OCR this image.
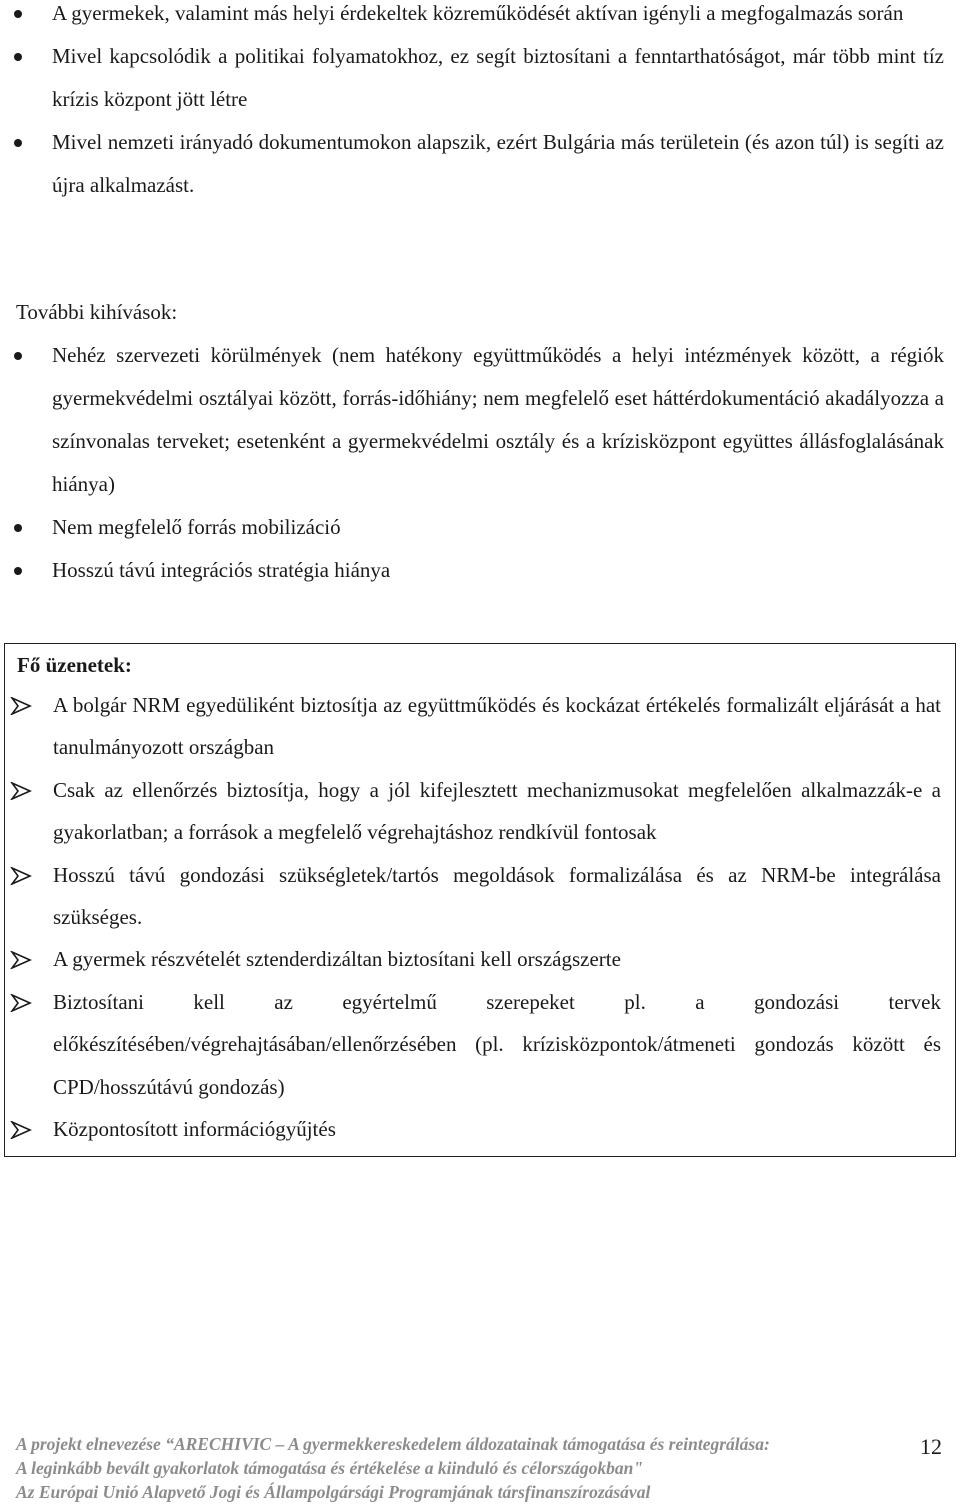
A gyermekek, valamint más helyi érdekeltek közreműködését aktívan igényli a megfogalmazás során
Mivel kapcsolódik a politikai folyamatokhoz, ez segít biztosítani a fenntarthatóságot, már több mint tíz krízis központ jött létre
Mivel nemzeti irányadó dokumentumokon alapszik, ezért Bulgária más területein (és azon túl) is segíti az újra alkalmazást.
További kihívások:
Nehéz szervezeti körülmények (nem hatékony együttműködés a helyi intézmények között, a régiók gyermekvédelmi osztályai között, forrás-időhiány; nem megfelelő eset háttérdokumentáció akadályozza a színvonalas terveket; esetenként a gyermekvédelmi osztály és a krízisközpont együttes állásfoglalásának hiánya)
Nem megfelelő forrás mobilizáció
Hosszú távú integrációs stratégia hiánya
Fő üzenetek:
A bolgár NRM egyedüliként biztosítja az együttműködés és kockázat értékelés formalizált eljárását a hat tanulmányozott országban
Csak az ellenőrzés biztosítja, hogy a jól kifejlesztett mechanizmusokat megfelelően alkalmazzák-e a gyakorlatban; a források a megfelelő végrehajtáshoz rendkívül fontosak
Hosszú távú gondozási szükségletek/tartós megoldások formalizálása és az NRM-be integrálása szükséges.
A gyermek részvételét sztenderdizáltan biztosítani kell országszerte
Biztosítani kell az egyértelmű szerepeket pl. a gondozási tervek előkészítésében/végrehajtásában/ellenőrzésében (pl. krízisközpontok/átmeneti gondozás között és CPD/hosszútávú gondozás)
Központosított információgyűjtés
A projekt elnevezése “ARECHIVIC – A gyermekkereskedelem áldozatainak támogatása és reintegrálása:
A leginkább bevált gyakorlatok támogatása és értékelése a kiinduló és célországokban"
Az Európai Unió Alapvető Jogi és Állampolgársági Programjának társfinanszírozásával
12
